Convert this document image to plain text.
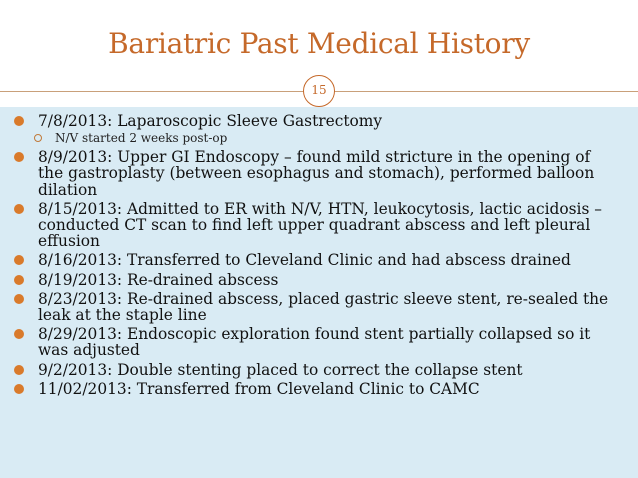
Bariatric Past Medical History
7/8/2013: Laparoscopic Sleeve Gastrectomy
N/V started 2 weeks post-op
8/9/2013: Upper GI Endoscopy – found mild stricture in the opening of the gastroplasty (between esophagus and stomach), performed balloon dilation
8/15/2013: Admitted to ER with N/V, HTN, leukocytosis, lactic acidosis – conducted CT scan to find left upper quadrant abscess and left pleural effusion
8/16/2013: Transferred to Cleveland Clinic and had abscess drained
8/19/2013: Re-drained abscess
8/23/2013: Re-drained abscess, placed gastric sleeve stent, re-sealed the leak at the staple line
8/29/2013: Endoscopic exploration found stent partially collapsed so it was adjusted
9/2/2013: Double stenting placed to correct the collapse stent
11/02/2013: Transferred from Cleveland Clinic to CAMC
15
